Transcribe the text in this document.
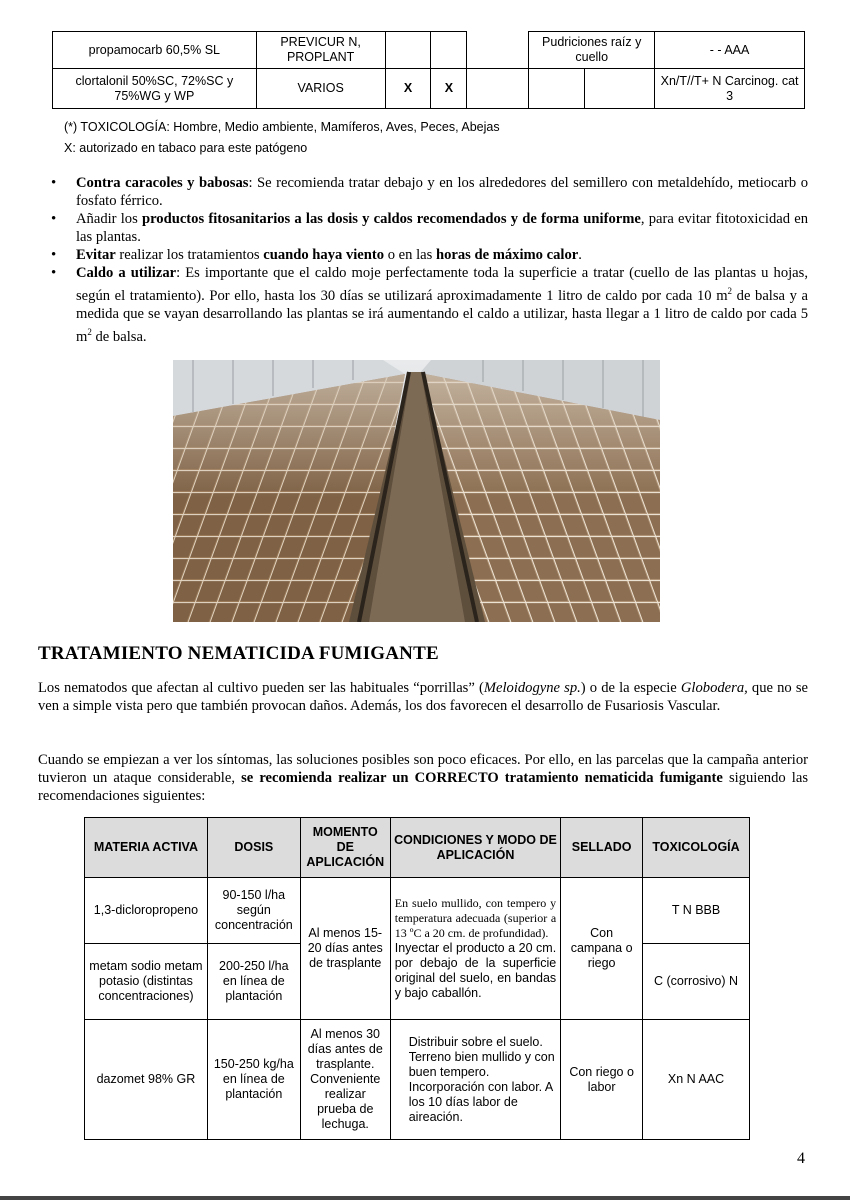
propamocarb 60,5% SL	PREVICUR N, PROPLANT				Pudriciones raíz y cuello		- - AAA
clortalonil 50%SC, 72%SC y 75%WG y WP	VARIOS	X	X				Xn/T//T+ N Carcinog. cat 3
(*) TOXICOLOGÍA: Hombre, Medio ambiente, Mamíferos, Aves, Peces, Abejas
X: autorizado en tabaco para este patógeno
• Contra caracoles y babosas: Se recomienda tratar debajo y en los alrededores del semillero con metaldehído, metiocarb o fosfato férrico.
• Añadir los productos fitosanitarios a las dosis y caldos recomendados y de forma uniforme, para evitar fitotoxicidad en las plantas.
• Evitar realizar los tratamientos cuando haya viento o en las horas de máximo calor.
• Caldo a utilizar: Es importante que el caldo moje perfectamente toda la superficie a tratar (cuello de las plantas u hojas, según el tratamiento). Por ello, hasta los 30 días se utilizará aproximadamente 1 litro de caldo por cada 10 $m^2$ de balsa y a medida que se vayan desarrollando las plantas se irá aumentando el caldo a utilizar, hasta llegar a 1 litro de caldo por cada 5 $m^2$ de balsa.
TRATAMIENTO NEMATICIDA FUMIGANTE

Los nematodos que afectan al cultivo pueden ser las habituales “porrillas” (Meloidogyne sp.) o de la especie Globodera, que no se ven a simple vista pero que también provocan daños. Además, los dos favorecen el desarrollo de Fusariosis Vascular.

Cuando se empiezan a ver los síntomas, las soluciones posibles son poco eficaces. Por ello, en las parcelas que la campaña anterior tuvieron un ataque considerable, se recomienda realizar un CORRECTO tratamiento nematicida fumigante siguiendo las recomendaciones siguientes:

MATERIA ACTIVA	DOSIS	MOMENTO DE APLICACIÓN	CONDICIONES Y MODO DE APLICACIÓN	SELLADO	TOXICOLOGÍA
1,3-dicloropropeno	90-150 l/ha según concentración	Al menos 15-20 días antes de trasplante	En suelo mullido, con tempero y temperatura adecuada (superior a 13 ºC a 20 cm. de profundidad).
Inyectar el producto a 20 cm. por debajo de la superficie original del suelo, en bandas y bajo caballón.	Con campana o riego	T N BBB
metam sodio metam potasio (distintas concentraciones)	200-250 l/ha en línea de plantación				C (corrosivo) N
dazomet 98% GR	150-250 kg/ha en línea de plantación	Al menos 30 días antes de trasplante. Conveniente realizar prueba de lechuga.	Distribuir sobre el suelo. Terreno bien mullido y con buen tempero. Incorporación con labor. A los 10 días labor de aireación.	Con riego o labor	Xn N AAC
4
